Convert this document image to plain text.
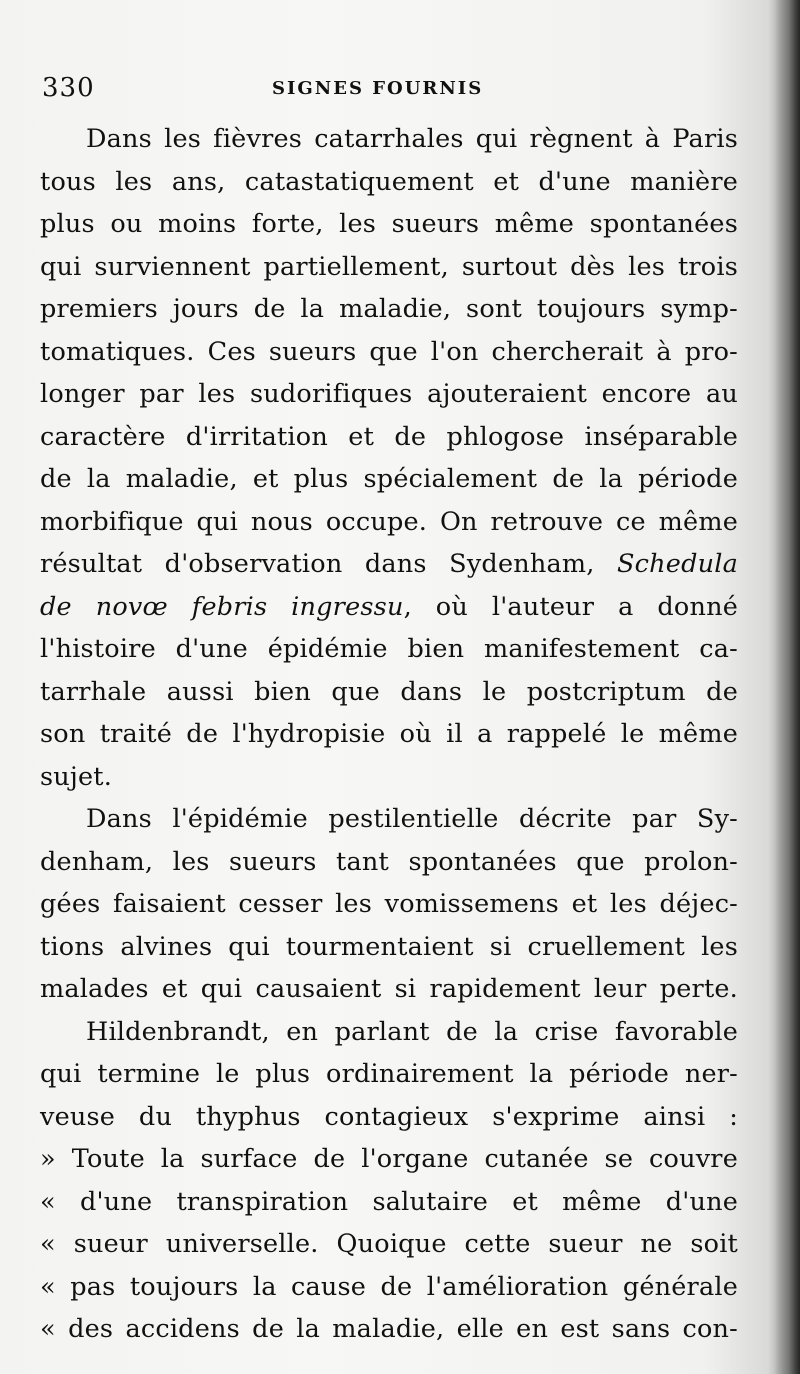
330	SIGNES FOURNIS
Dans les fièvres catarrhales qui règnent à Paris
tous les ans, catastatiquement et d'une manière
plus ou moins forte, les sueurs même spontanées
qui surviennent partiellement, surtout dès les trois
premiers jours de la maladie, sont toujours symp-
tomatiques. Ces sueurs que l'on chercherait à pro-
longer par les sudorifiques ajouteraient encore au
caractère d'irritation et de phlogose inséparable
de la maladie, et plus spécialement de la période
morbifique qui nous occupe. On retrouve ce même
résultat d'observation dans Sydenham, Schedula
de novœ febris ingressu, où l'auteur a donné
l'histoire d'une épidémie bien manifestement ca-
tarrhale aussi bien que dans le postcriptum de
son traité de l'hydropisie où il a rappelé le même
sujet.
Dans l'épidémie pestilentielle décrite par Sy-
denham, les sueurs tant spontanées que prolon-
gées faisaient cesser les vomissemens et les déjec-
tions alvines qui tourmentaient si cruellement les
malades et qui causaient si rapidement leur perte.
Hildenbrandt, en parlant de la crise favorable
qui termine le plus ordinairement la période ner-
veuse du thyphus contagieux s'exprime ainsi :
» Toute la surface de l'organe cutanée se couvre
« d'une transpiration salutaire et même d'une
« sueur universelle. Quoique cette sueur ne soit
« pas toujours la cause de l'amélioration générale
« des accidens de la maladie, elle en est sans con-
